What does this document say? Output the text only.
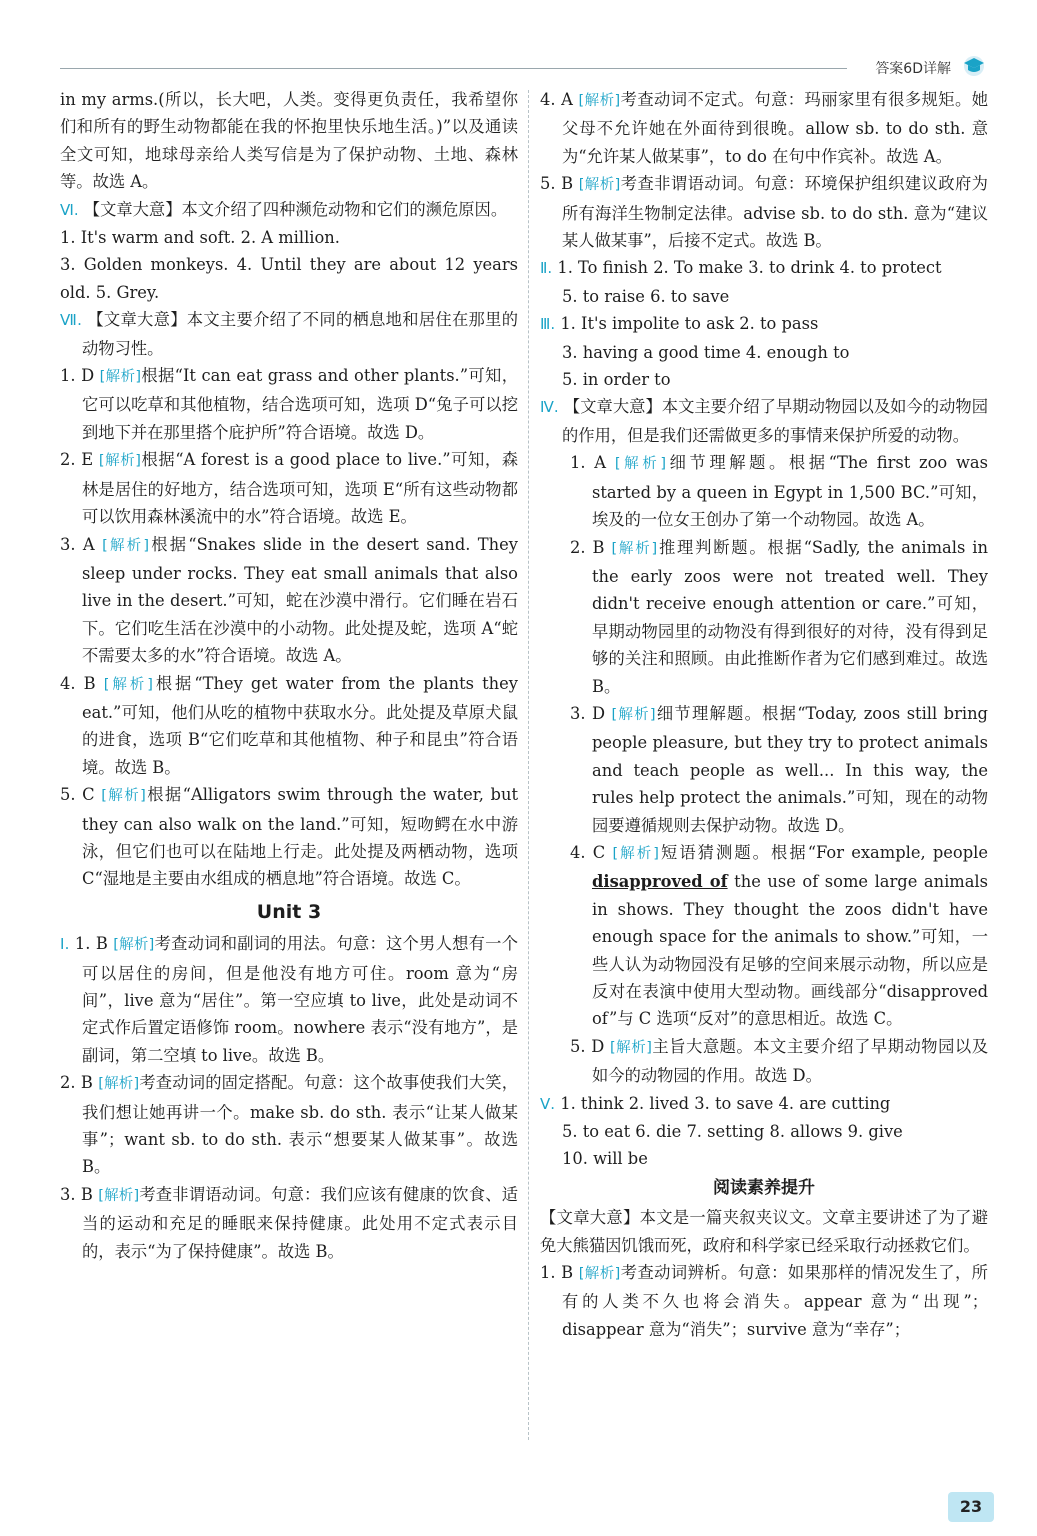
答案6D详解
in my arms.(所以，长大吧，人类。变得更负责任，我希望你们和所有的野生动物都能在我的怀抱里快乐地生活。)”以及通读全文可知，地球母亲给人类写信是为了保护动物、土地、森林等。故选 A。
Ⅵ. 【文章大意】本文介绍了四种濒危动物和它们的濒危原因。
1. It's warm and soft. 2. A million.
3. Golden monkeys. 4. Until they are about 12 years old. 5. Grey.
Ⅶ. 【文章大意】本文主要介绍了不同的栖息地和居住在那里的动物习性。
1. D [解析]根据“It can eat grass and other plants.”可知，它可以吃草和其他植物，结合选项可知，选项 D“兔子可以挖到地下并在那里搭个庇护所”符合语境。故选 D。
2. E [解析]根据“A forest is a good place to live.”可知，森林是居住的好地方，结合选项可知，选项 E“所有这些动物都可以饮用森林溪流中的水”符合语境。故选 E。
3. A [解析]根据“Snakes slide in the desert sand. They sleep under rocks. They eat small animals that also live in the desert.”可知，蛇在沙漠中滑行。它们睡在岩石下。它们吃生活在沙漠中的小动物。此处提及蛇，选项 A“蛇不需要太多的水”符合语境。故选 A。
4. B [解析]根据“They get water from the plants they eat.”可知，他们从吃的植物中获取水分。此处提及草原犬鼠的进食，选项 B“它们吃草和其他植物、种子和昆虫”符合语境。故选 B。
5. C [解析]根据“Alligators swim through the water, but they can also walk on the land.”可知，短吻鳄在水中游泳，但它们也可以在陆地上行走。此处提及两栖动物，选项 C“湿地是主要由水组成的栖息地”符合语境。故选 C。
Unit 3
Ⅰ. 1. B [解析]考查动词和副词的用法。句意：这个男人想有一个可以居住的房间，但是他没有地方可住。room 意为“房间”，live 意为“居住”。第一空应填 to live，此处是动词不定式作后置定语修饰 room。nowhere 表示“没有地方”，是副词，第二空填 to live。故选 B。
2. B [解析]考查动词的固定搭配。句意：这个故事使我们大笑，我们想让她再讲一个。make sb. do sth. 表示“让某人做某事”；want sb. to do sth. 表示“想要某人做某事”。故选 B。
3. B [解析]考查非谓语动词。句意：我们应该有健康的饮食、适当的运动和充足的睡眠来保持健康。此处用不定式表示目的，表示“为了保持健康”。故选 B。
4. A [解析]考查动词不定式。句意：玛丽家里有很多规矩。她父母不允许她在外面待到很晚。allow sb. to do sth. 意为“允许某人做某事”，to do 在句中作宾补。故选 A。
5. B [解析]考查非谓语动词。句意：环境保护组织建议政府为所有海洋生物制定法律。advise sb. to do sth. 意为“建议某人做某事”，后接不定式。故选 B。
Ⅱ. 1. To finish 2. To make 3. to drink 4. to protect
5. to raise 6. to save
Ⅲ. 1. It's impolite to ask 2. to pass
3. having a good time 4. enough to
5. in order to
Ⅳ. 【文章大意】本文主要介绍了早期动物园以及如今的动物园的作用，但是我们还需做更多的事情来保护所爱的动物。
1. A [解析]细节理解题。根据“The first zoo was started by a queen in Egypt in 1,500 BC.”可知，埃及的一位女王创办了第一个动物园。故选 A。
2. B [解析]推理判断题。根据“Sadly, the animals in the early zoos were not treated well. They didn't receive enough attention or care.”可知，早期动物园里的动物没有得到很好的对待，没有得到足够的关注和照顾。由此推断作者为它们感到难过。故选 B。
3. D [解析]细节理解题。根据“Today, zoos still bring people pleasure, but they try to protect animals and teach people as well... In this way, the rules help protect the animals.”可知，现在的动物园要遵循规则去保护动物。故选 D。
4. C [解析]短语猜测题。根据“For example, people disapproved of the use of some large animals in shows. They thought the zoos didn't have enough space for the animals to show.”可知，一些人认为动物园没有足够的空间来展示动物，所以应是反对在表演中使用大型动物。画线部分“disapproved of”与 C 选项“反对”的意思相近。故选 C。
5. D [解析]主旨大意题。本文主要介绍了早期动物园以及如今的动物园的作用。故选 D。
Ⅴ. 1. think 2. lived 3. to save 4. are cutting
5. to eat 6. die 7. setting 8. allows 9. give
10. will be
阅读素养提升
【文章大意】本文是一篇夹叙夹议文。文章主要讲述了为了避免大熊猫因饥饿而死，政府和科学家已经采取行动拯救它们。
1. B [解析]考查动词辨析。句意：如果那样的情况发生了，所有的人类不久也将会消失。appear 意为“出现”；disappear 意为“消失”；survive 意为“幸存”；
23
